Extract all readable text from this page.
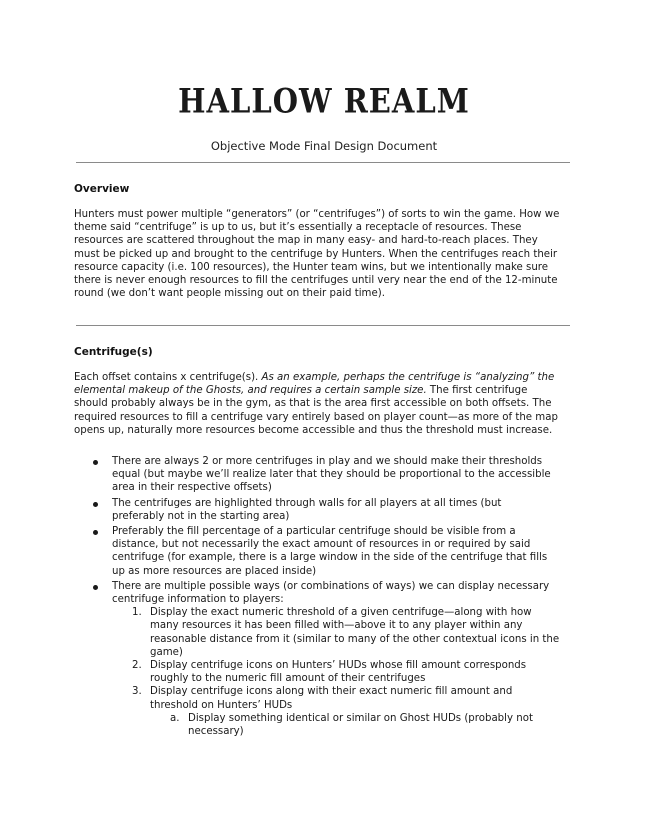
HALLOW REALM
Objective Mode Final Design Document
Overview
Hunters must power multiple “generators” (or “centrifuges”) of sorts to win the game. How we
theme said “centrifuge” is up to us, but it’s essentially a receptacle of resources. These
resources are scattered throughout the map in many easy- and hard-to-reach places. They
must be picked up and brought to the centrifuge by Hunters. When the centrifuges reach their
resource capacity (i.e. 100 resources), the Hunter team wins, but we intentionally make sure
there is never enough resources to fill the centrifuges until very near the end of the 12-minute
round (we don’t want people missing out on their paid time).
Centrifuge(s)
Each offset contains x centrifuge(s). As an example, perhaps the centrifuge is “analyzing” the
elemental makeup of the Ghosts, and requires a certain sample size. The first centrifuge
should probably always be in the gym, as that is the area first accessible on both offsets. The
required resources to fill a centrifuge vary entirely based on player count—as more of the map
opens up, naturally more resources become accessible and thus the threshold must increase.
There are always 2 or more centrifuges in play and we should make their thresholds
equal (but maybe we’ll realize later that they should be proportional to the accessible
area in their respective offsets)
The centrifuges are highlighted through walls for all players at all times (but
preferably not in the starting area)
Preferably the fill percentage of a particular centrifuge should be visible from a
distance, but not necessarily the exact amount of resources in or required by said
centrifuge (for example, there is a large window in the side of the centrifuge that fills
up as more resources are placed inside)
There are multiple possible ways (or combinations of ways) we can display necessary
centrifuge information to players:
1. Display the exact numeric threshold of a given centrifuge—along with how
many resources it has been filled with—above it to any player within any
reasonable distance from it (similar to many of the other contextual icons in the
game)
2. Display centrifuge icons on Hunters’ HUDs whose fill amount corresponds
roughly to the numeric fill amount of their centrifuges
3. Display centrifuge icons along with their exact numeric fill amount and
threshold on Hunters’ HUDs
a. Display something identical or similar on Ghost HUDs (probably not
necessary)
